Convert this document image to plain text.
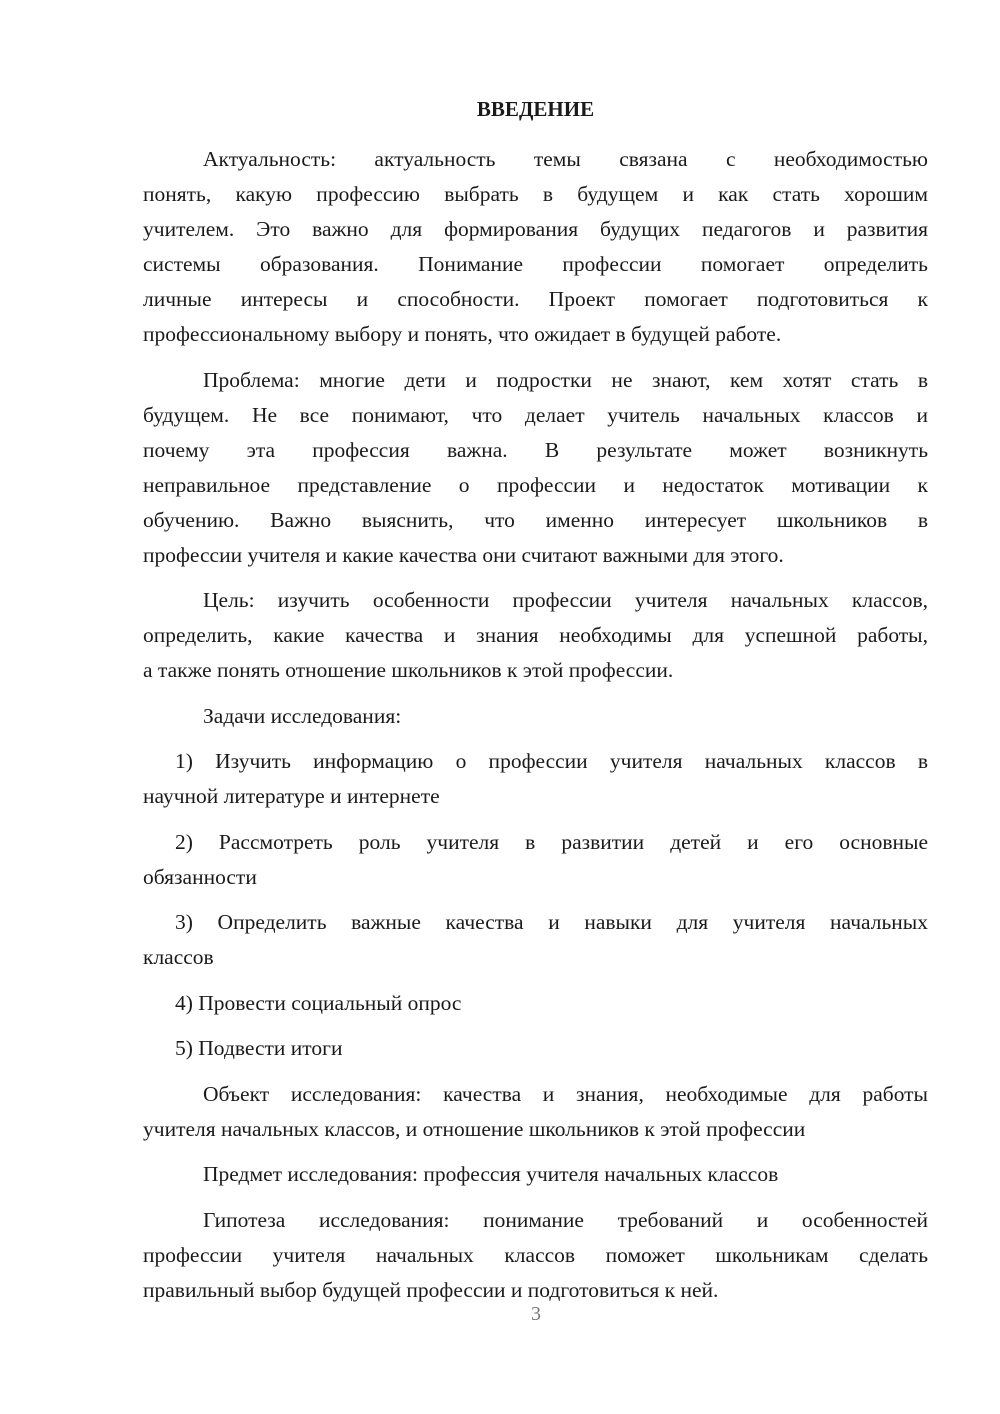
ВВЕДЕНИЕ
Актуальность: актуальность темы связана с необходимостью
понять, какую профессию выбрать в будущем и как стать хорошим
учителем. Это важно для формирования будущих педагогов и развития
системы образования. Понимание профессии помогает определить
личные интересы и способности. Проект помогает подготовиться к
профессиональному выбору и понять, что ожидает в будущей работе.
Проблема: многие дети и подростки не знают, кем хотят стать в
будущем. Не все понимают, что делает учитель начальных классов и
почему эта профессия важна. В результате может возникнуть
неправильное представление о профессии и недостаток мотивации к
обучению. Важно выяснить, что именно интересует школьников в
профессии учителя и какие качества они считают важными для этого.
Цель: изучить особенности профессии учителя начальных классов,
определить, какие качества и знания необходимы для успешной работы,
а также понять отношение школьников к этой профессии.
Задачи исследования:
1) Изучить информацию о профессии учителя начальных классов в
научной литературе и интернете
2) Рассмотреть роль учителя в развитии детей и его основные
обязанности
3) Определить важные качества и навыки для учителя начальных
классов
4) Провести социальный опрос
5) Подвести итоги
Объект исследования: качества и знания, необходимые для работы
учителя начальных классов, и отношение школьников к этой профессии
Предмет исследования: профессия учителя начальных классов
Гипотеза исследования: понимание требований и особенностей
профессии учителя начальных классов поможет школьникам сделать
правильный выбор будущей профессии и подготовиться к ней.
3
